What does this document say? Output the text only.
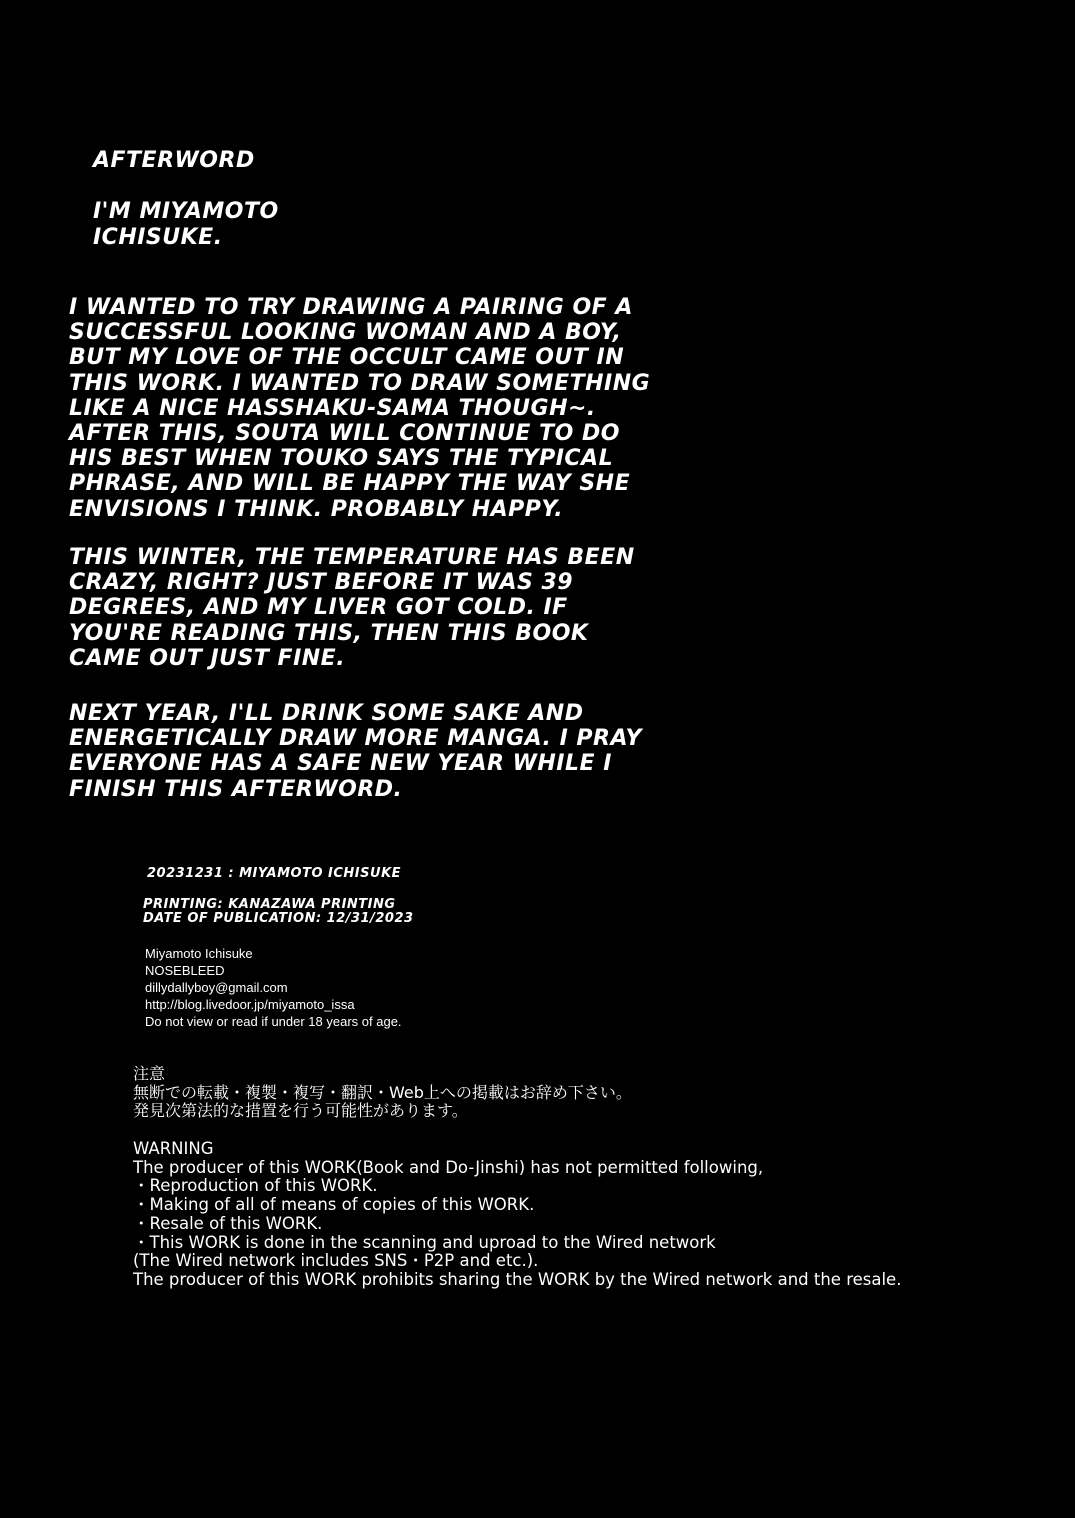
AFTERWORD
I'M MIYAMOTO
ICHISUKE.
I WANTED TO TRY DRAWING A PAIRING OF A
SUCCESSFUL LOOKING WOMAN AND A BOY,
BUT MY LOVE OF THE OCCULT CAME OUT IN
THIS WORK. I WANTED TO DRAW SOMETHING
LIKE A NICE HASSHAKU-SAMA THOUGH~.
AFTER THIS, SOUTA WILL CONTINUE TO DO
HIS BEST WHEN TOUKO SAYS THE TYPICAL
PHRASE, AND WILL BE HAPPY THE WAY SHE
ENVISIONS I THINK. PROBABLY HAPPY.
THIS WINTER, THE TEMPERATURE HAS BEEN
CRAZY, RIGHT? JUST BEFORE IT WAS 39
DEGREES, AND MY LIVER GOT COLD. IF
YOU'RE READING THIS, THEN THIS BOOK
CAME OUT JUST FINE.
NEXT YEAR, I'LL DRINK SOME SAKE AND
ENERGETICALLY DRAW MORE MANGA. I PRAY
EVERYONE HAS A SAFE NEW YEAR WHILE I
FINISH THIS AFTERWORD.
20231231 : MIYAMOTO ICHISUKE
PRINTING: KANAZAWA PRINTING
DATE OF PUBLICATION: 12/31/2023
Miyamoto Ichisuke
NOSEBLEED
dillydallyboy@gmail.com
http://blog.livedoor.jp/miyamoto_issa
Do not view or read if under 18 years of age.
注意
無断での転載・複製・複写・翻訳・Web上への掲載はお辞め下さい。
発見次第法的な措置を行う可能性があります。
WARNING
The producer of this WORK(Book and Do-Jinshi) has not permitted following,
・Reproduction of this WORK.
・Making of all of means of copies of this WORK.
・Resale of this WORK.
・This WORK is done in the scanning and uproad to the Wired network
(The Wired network includes SNS・P2P and etc.).
The producer of this WORK prohibits sharing the WORK by the Wired network and the resale.
